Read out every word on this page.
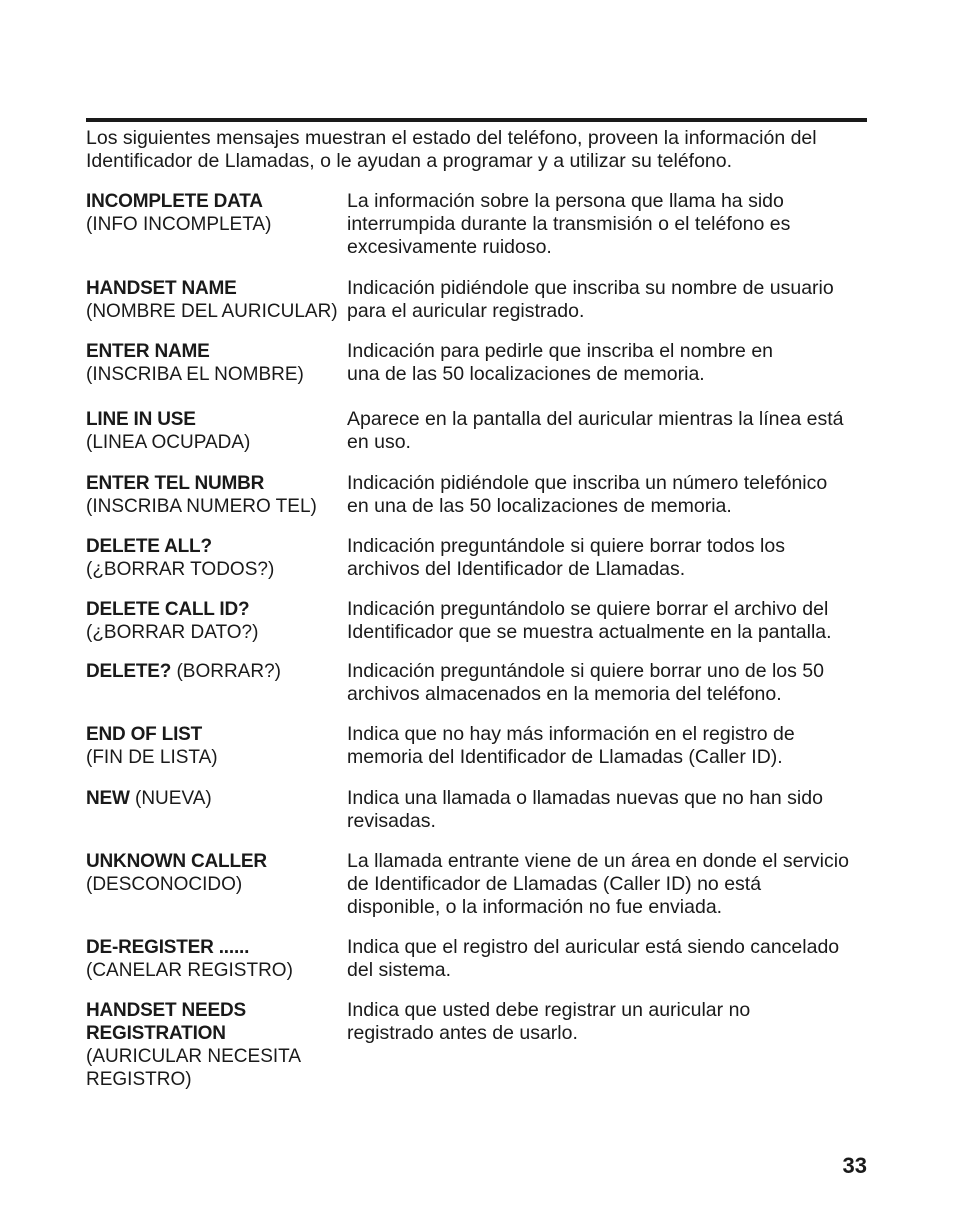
Los siguientes mensajes muestran el estado del teléfono, proveen la información del
Identificador de Llamadas, o le ayudan a programar y a utilizar su teléfono.
INCOMPLETE DATA
(INFO INCOMPLETA)
La información sobre la persona que llama ha sido
interrumpida durante la transmisión o el teléfono es
excesivamente ruidoso.
HANDSET NAME
(NOMBRE DEL AURICULAR)
Indicación pidiéndole que inscriba su nombre de usuario
para el auricular registrado.
ENTER NAME
(INSCRIBA EL NOMBRE)
Indicación para pedirle que inscriba el nombre en
una de las 50 localizaciones de memoria.
LINE IN USE
(LINEA OCUPADA)
Aparece en la pantalla del auricular mientras la línea está
en uso.
ENTER TEL NUMBR
(INSCRIBA NUMERO TEL)
Indicación pidiéndole que inscriba un número telefónico
en una de las 50 localizaciones de memoria.
DELETE ALL?
(¿BORRAR TODOS?)
Indicación preguntándole si quiere borrar todos los
archivos del Identificador de Llamadas.
DELETE CALL ID?
(¿BORRAR DATO?)
Indicación preguntándolo se quiere borrar el archivo del
Identificador que se muestra actualmente en la pantalla.
DELETE? (BORRAR?)	Indicación preguntándole si quiere borrar uno de los 50
archivos almacenados en la memoria del teléfono.
END OF LIST
(FIN DE LISTA)
Indica que no hay más información en el registro de
memoria del Identificador de Llamadas (Caller ID).
NEW (NUEVA)	Indica una llamada o llamadas nuevas que no han sido
revisadas.
UNKNOWN CALLER
(DESCONOCIDO)
La llamada entrante viene de un área en donde el servicio
de Identificador de Llamadas (Caller ID) no está
disponible, o la información no fue enviada.
DE-REGISTER ......
(CANELAR REGISTRO)
Indica que el registro del auricular está siendo cancelado
del sistema.
HANDSET NEEDS
REGISTRATION
(AURICULAR NECESITA
REGISTRO)
Indica que usted debe registrar un auricular no
registrado antes de usarlo.
33
